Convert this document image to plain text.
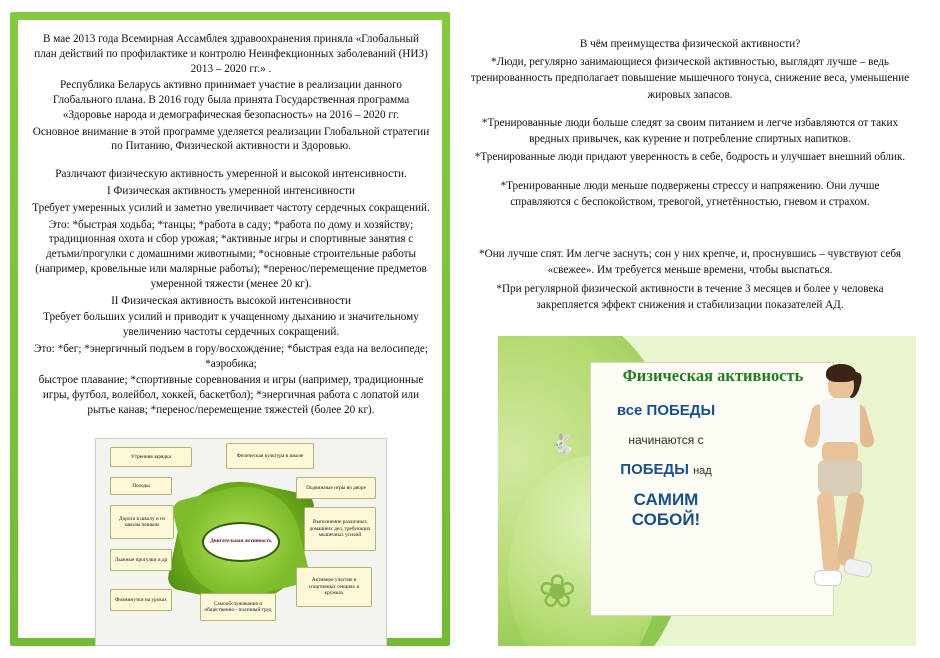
В мае 2013 года Всемирная Ассамблея здравоохранения приняла «Глобальный план действий по профилактике и контролю Неинфекционных заболеваний (НИЗ) 2013 – 2020 гг.» .

Республика Беларусь активно принимает участие в реализации данного Глобального плана. В 2016 году была принята Государственная программа «Здоровье народа и демографическая безопасность» на 2016 – 2020 гг.

Основное внимание в этой программе уделяется реализации Глобальной стратегии по Питанию, Физической активности и Здоровью.

Различают физическую активность умеренной и высокой интенсивности.

I Физическая активность умеренной интенсивности

Требует умеренных усилий и заметно увеличивает частоту сердечных сокращений.

Это: *быстрая ходьба; *танцы; *работа в саду; *работа по дому и хозяйству; традиционная охота и сбор урожая; *активные игры и спортивные занятия с детьми/прогулки с домашними животными; *основные строительные работы (например, кровельные или малярные работы); *перенос/перемещение предметов умеренной тяжести (менее 20 кг).

II Физическая активность высокой интенсивности

Требует больших усилий и приводит к учащенному дыханию и значительному увеличению частоты сердечных сокращений.

Это: *бег; *энергичный подъем в гору/восхождение; *быстрая езда на велосипеде; *аэробика;

быстрое плавание; *спортивные соревнования и игры (например, традиционные игры, футбол, волейбол, хоккей, баскетбол); *энергичная работа с лопатой или рытье канав; *перенос/перемещение тяжестей (более 20 кг).

Двигательная активность
Утренняя зарядка	Физическая культура в школе
Походы	Подвижные игры во дворе
Дорога в школу и из школы пешком	Выполнение различных домашних дел, требующих мышечных усилий
Лыжные прогулки и др
Физминутки на уроках
Самообслуживание и общественно - полезный труд
Активное участие в спортивных секциях и кружках

В чём преимущества физической активности?

*Люди, регулярно занимающиеся физической активностью, выглядят лучше – ведь тренированность предполагает повышение мышечного тонуса, снижение веса, уменьшение жировых запасов.

*Тренированные люди больше следят за своим питанием и легче избавляются от таких вредных привычек, как курение и потребление спиртных напитков.

*Тренированные люди придают уверенность в себе, бодрость и улучшает внешний облик.

*Тренированные люди меньше подвержены стрессу и напряжению. Они лучше справляются с беспокойством, тревогой, угнетённостью, гневом и страхом.

*Они лучше спят. Им легче заснуть; сон у них крепче, и, проснувшись – чувствуют себя «свежее». Им требуется меньше времени, чтобы выспаться.

*При регулярной физической активности в течение 3 месяцев и более у человека закрепляется эффект снижения и стабилизации показателей АД.

🐇
❀
Физическая активность
все ПОБЕДЫ
начинаются с
ПОБЕДЫ над
САМИМ СОБОЙ!
